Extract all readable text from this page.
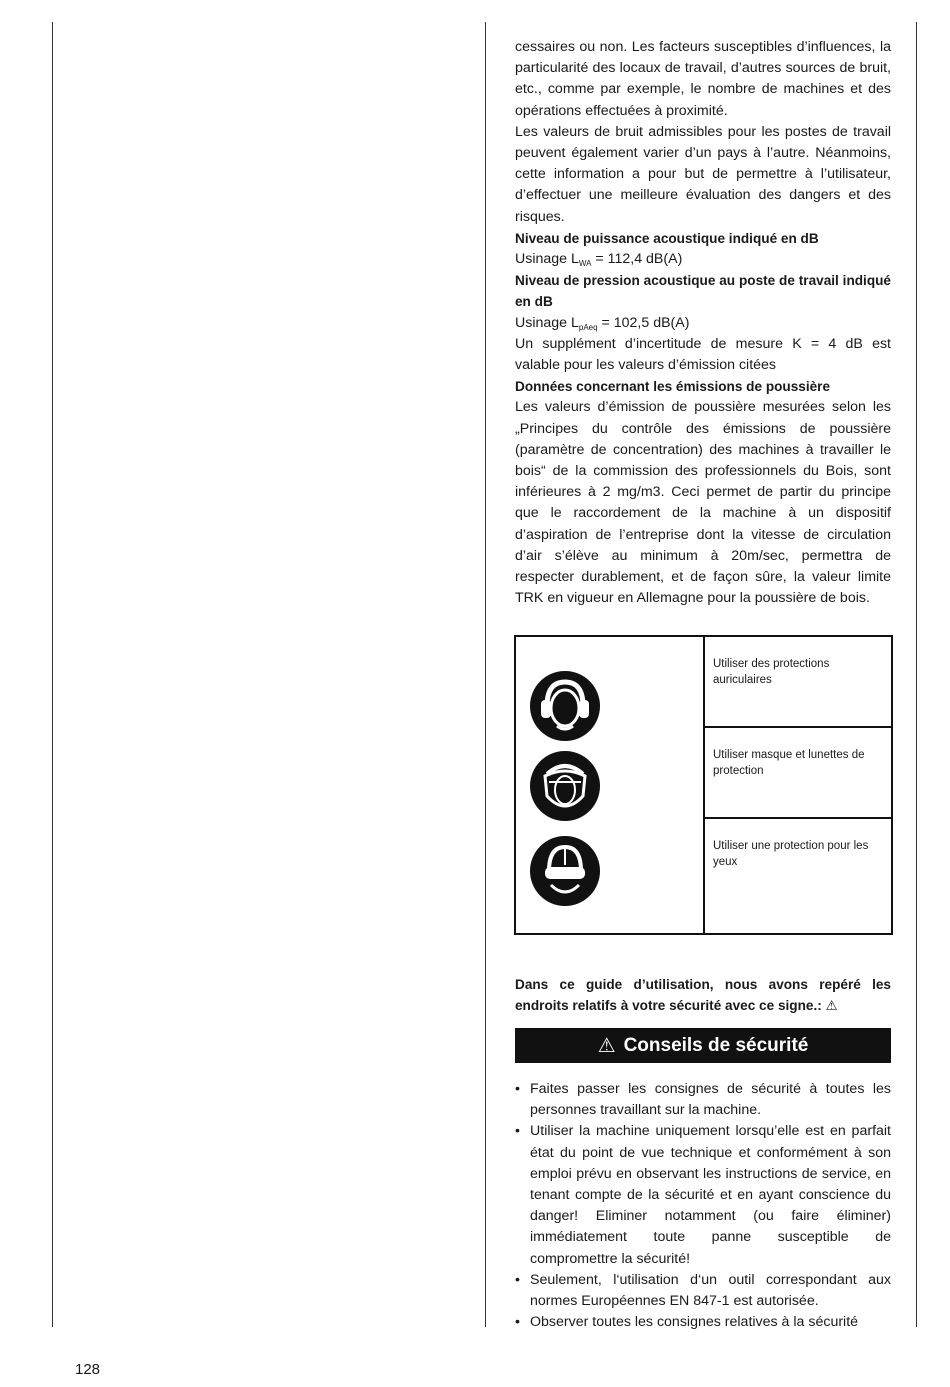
cessaires ou non. Les facteurs susceptibles d’influences, la particularité des locaux de travail, d’autres sources de bruit, etc., comme par exemple, le nombre de machines et des opérations effectuées à proximité.

Les valeurs de bruit admissibles pour les postes de travail peuvent également varier d’un pays à l’autre. Néanmoins, cette information a pour but de permettre à l’utilisateur, d’effectuer une meilleure évaluation des dangers et des risques.

Niveau de puissance acoustique indiqué en dB

Usinage $L_{WA} = 112,4$ dB(A)

Niveau de pression acoustique au poste de travail indiqué en dB

Usinage $L_{pAeq} = 102,5$ dB(A)

Un supplément d’incertitude de mesure K = 4 dB est valable pour les valeurs d’émission citées

Données concernant les émissions de poussière

Les valeurs d’émission de poussière mesurées selon les „Principes du contrôle des émissions de poussière (paramètre de concentration) des machines à travailler le bois“ de la commission des professionnels du Bois, sont inférieures à 2 mg/m3. Ceci permet de partir du principe que le raccordement de la machine à un dispositif d’aspiration de l’entreprise dont la vitesse de circulation d’air s’élève au minimum à 20m/sec, permettra de respecter durablement, et de façon sûre, la valeur limite TRK en vigueur en Allemagne pour la poussière de bois.

Utiliser des protections auriculaires
Utiliser masque et lunettes de protection
Utiliser une protection pour les yeux
Dans ce guide d’utilisation, nous avons repéré les endroits relatifs à votre sécurité avec ce signe.: ⚠
⚠ Conseils de sécurité
• Faites passer les consignes de sécurité à toutes les personnes travaillant sur la machine.
• Utiliser la machine uniquement lorsqu’elle est en parfait état du point de vue technique et conformément à son emploi prévu en observant les instructions de service, en tenant compte de la sécurité et en ayant conscience du danger! Eliminer notamment (ou faire éliminer) immédiatement toute panne susceptible de compromettre la sécurité!
• Seulement, l‘utilisation d‘un outil correspondant aux normes Européennes EN 847-1 est autorisée.
• Observer toutes les consignes relatives à la sécurité
128
